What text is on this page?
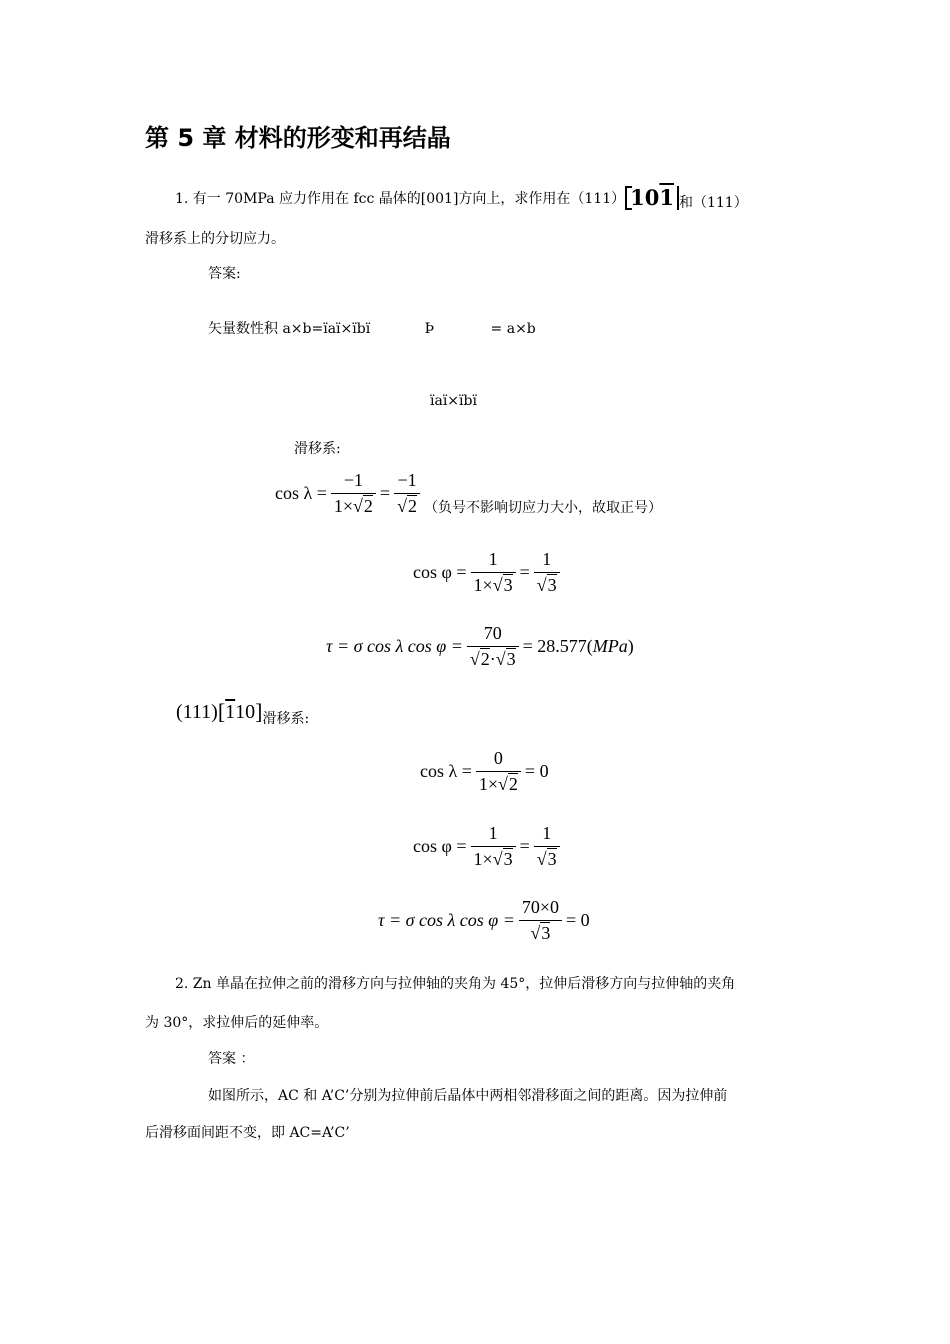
第 5 章 材料的形变和再结晶
1. 有一 70MPa 应力作用在 fcc 晶体的[001]方向上，求作用在（111） 101 和（111）
滑移系上的分切应力。
答案:
矢量数性积 a×b=ïaï×ïbï	Þ	= a×b
ïaï×ïbï
滑移系:
$\cos \lambda = \frac{-1}{1\times√2} = \frac{-1}{√2}$ （负号不影响切应力大小，故取正号）
$\cos \varphi = \frac{1}{1\times√3} = \frac{1}{√3}$
τ = σ cos λ $\cos \varphi = \frac{70}{√2\cdot√3} = 28.577$( MPa )
(111) [ 1 10 ] 滑移系:
$\cos \lambda = \frac{0}{1\times√2} = 0$
$\cos \varphi = \frac{1}{1\times√3} = \frac{1}{√3}$
τ = σ cos λ $\cos \varphi = \frac{70\times 0}{√3} = 0$
2. Zn 单晶在拉伸之前的滑移方向与拉伸轴的夹角为 45°，拉伸后滑移方向与拉伸轴的夹角
为 30°，求拉伸后的延伸率。
答案 ：
如图所示，AC 和 A’C’分别为拉伸前后晶体中两相邻滑移面之间的距离。因为拉伸前
后滑移面间距不变，即 AC=A’C’
